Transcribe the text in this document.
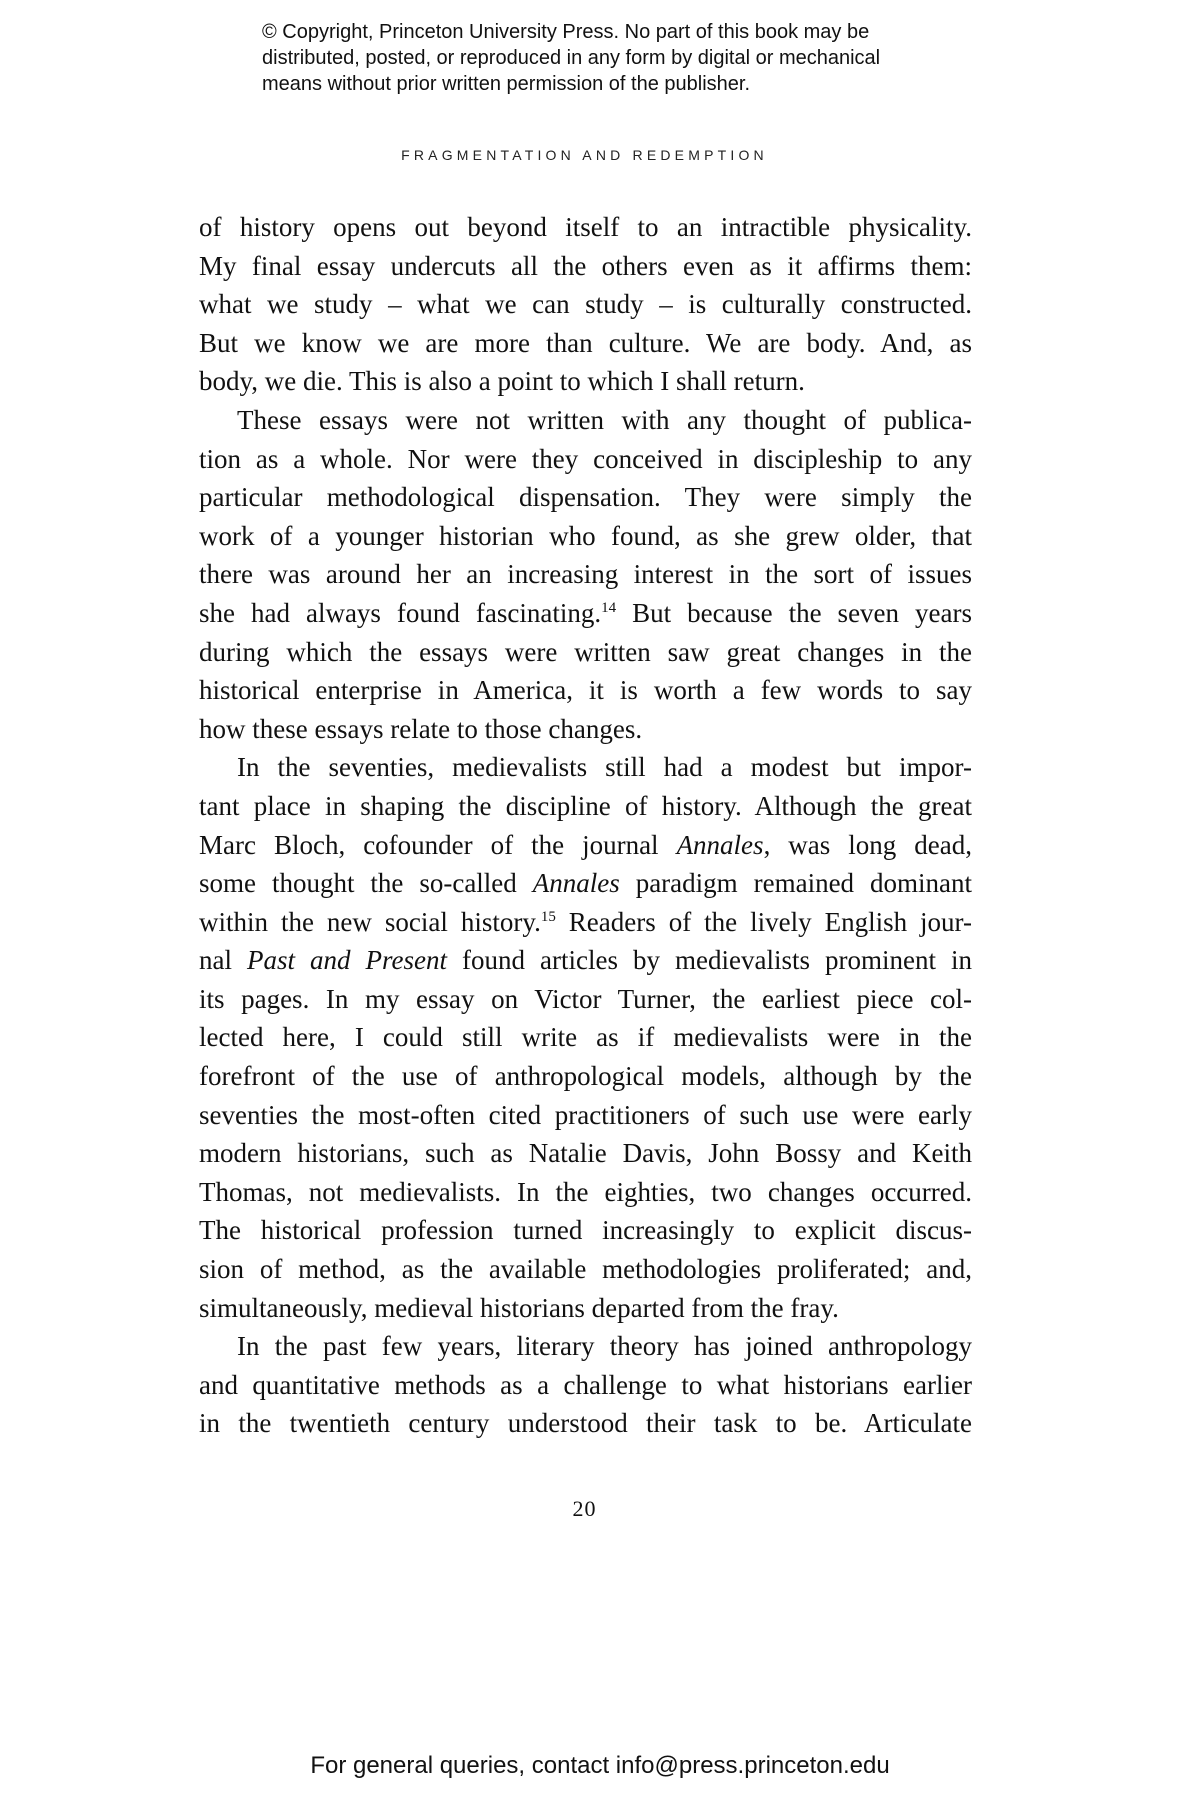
© Copyright, Princeton University Press. No part of this book may be
distributed, posted, or reproduced in any form by digital or mechanical
means without prior written permission of the publisher.
FRAGMENTATION AND REDEMPTION
of history opens out beyond itself to an intractible physicality.
My final essay undercuts all the others even as it affirms them:
what we study – what we can study – is culturally constructed.
But we know we are more than culture. We are body. And, as
body, we die. This is also a point to which I shall return.
These essays were not written with any thought of publica-
tion as a whole. Nor were they conceived in discipleship to any
particular methodological dispensation. They were simply the
work of a younger historian who found, as she grew older, that
there was around her an increasing interest in the sort of issues
she had always found fascinating.$^{14}$ But because the seven years
during which the essays were written saw great changes in the
historical enterprise in America, it is worth a few words to say
how these essays relate to those changes.
In the seventies, medievalists still had a modest but impor-
tant place in shaping the discipline of history. Although the great
Marc Bloch, cofounder of the journal Annales, was long dead,
some thought the so-called Annales paradigm remained dominant
within the new social history.$^{15}$ Readers of the lively English jour-
nal Past and Present found articles by medievalists prominent in
its pages. In my essay on Victor Turner, the earliest piece col-
lected here, I could still write as if medievalists were in the
forefront of the use of anthropological models, although by the
seventies the most-often cited practitioners of such use were early
modern historians, such as Natalie Davis, John Bossy and Keith
Thomas, not medievalists. In the eighties, two changes occurred.
The historical profession turned increasingly to explicit discus-
sion of method, as the available methodologies proliferated; and,
simultaneously, medieval historians departed from the fray.
In the past few years, literary theory has joined anthropology
and quantitative methods as a challenge to what historians earlier
in the twentieth century understood their task to be. Articulate
20
For general queries, contact info@press.princeton.edu
